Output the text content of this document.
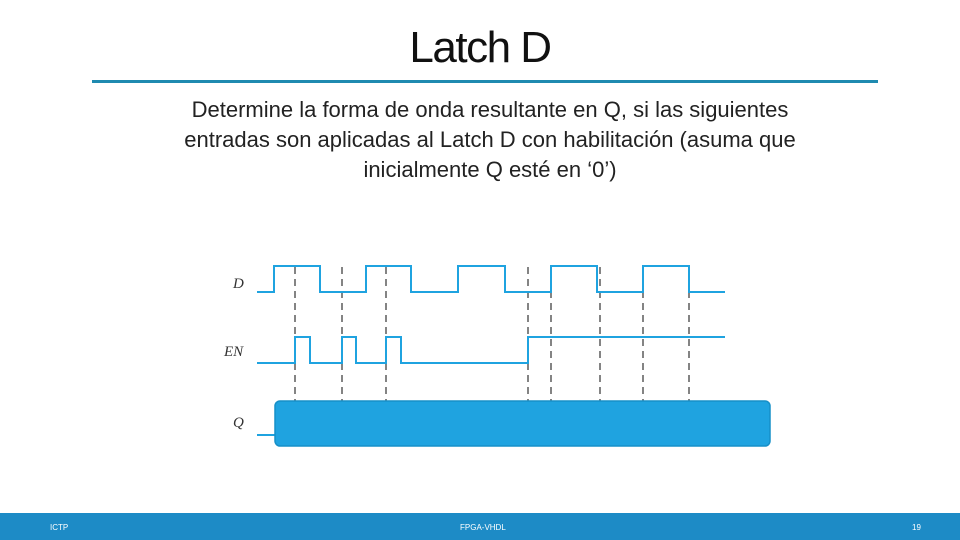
Latch D
Determine la forma de onda resultante en Q, si las siguientes
entradas son aplicadas al Latch D con habilitación (asuma que
inicialmente Q esté en ‘0’)
D
EN
Q
ICTP	FPGA-VHDL	19
